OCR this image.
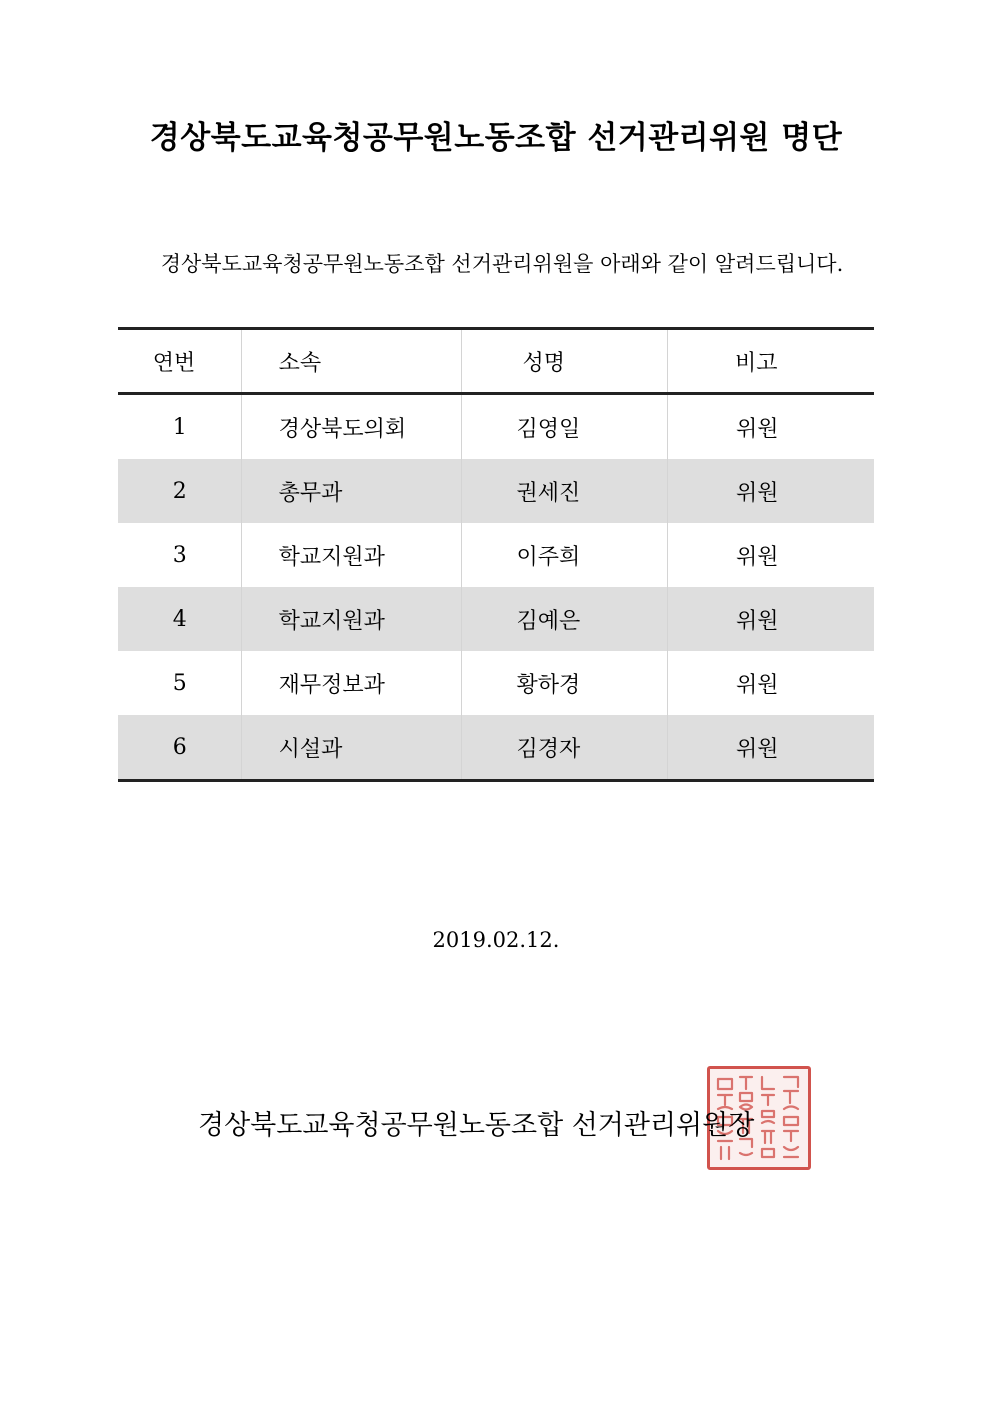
경상북도교육청공무원노동조합 선거관리위원 명단
경상북도교육청공무원노동조합 선거관리위원을 아래와 같이 알려드립니다.
연번	소속	성명	비고
1	경상북도의회	김영일	위원
2	총무과	권세진	위원
3	학교지원과	이주희	위원
4	학교지원과	김예은	위원
5	재무정보과	황하경	위원
6	시설과	김경자	위원
2019.02.12.
경상북도교육청공무원노동조합 선거관리위원장
